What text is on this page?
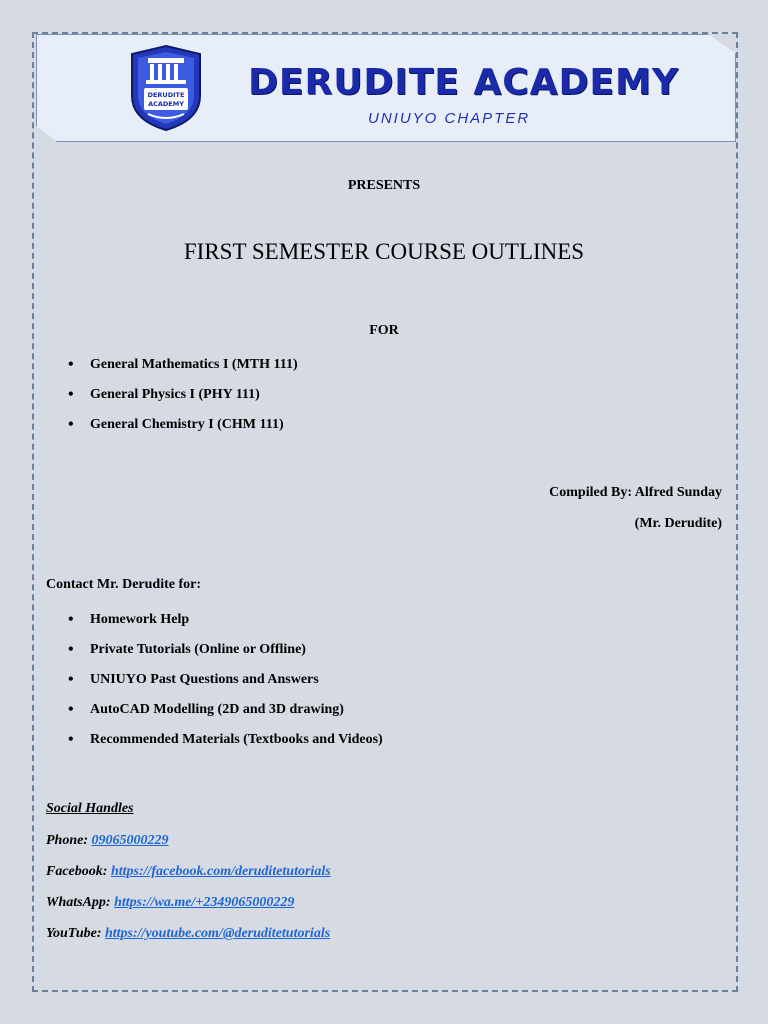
DERUDITE
ACADEMY
DERUDITE ACADEMY
UNIUYO CHAPTER
PRESENTS
FIRST SEMESTER COURSE OUTLINES
FOR
• General Mathematics I (MTH 111)
• General Physics I (PHY 111)
• General Chemistry I (CHM 111)
Compiled By: Alfred Sunday
(Mr. Derudite)
Contact Mr. Derudite for:
• Homework Help
• Private Tutorials (Online or Offline)
• UNIUYO Past Questions and Answers
• AutoCAD Modelling (2D and 3D drawing)
• Recommended Materials (Textbooks and Videos)
Social Handles
Phone: 09065000229
Facebook: https://facebook.com/deruditetutorials
WhatsApp: https://wa.me/+2349065000229
YouTube: https://youtube.com/@deruditetutorials
